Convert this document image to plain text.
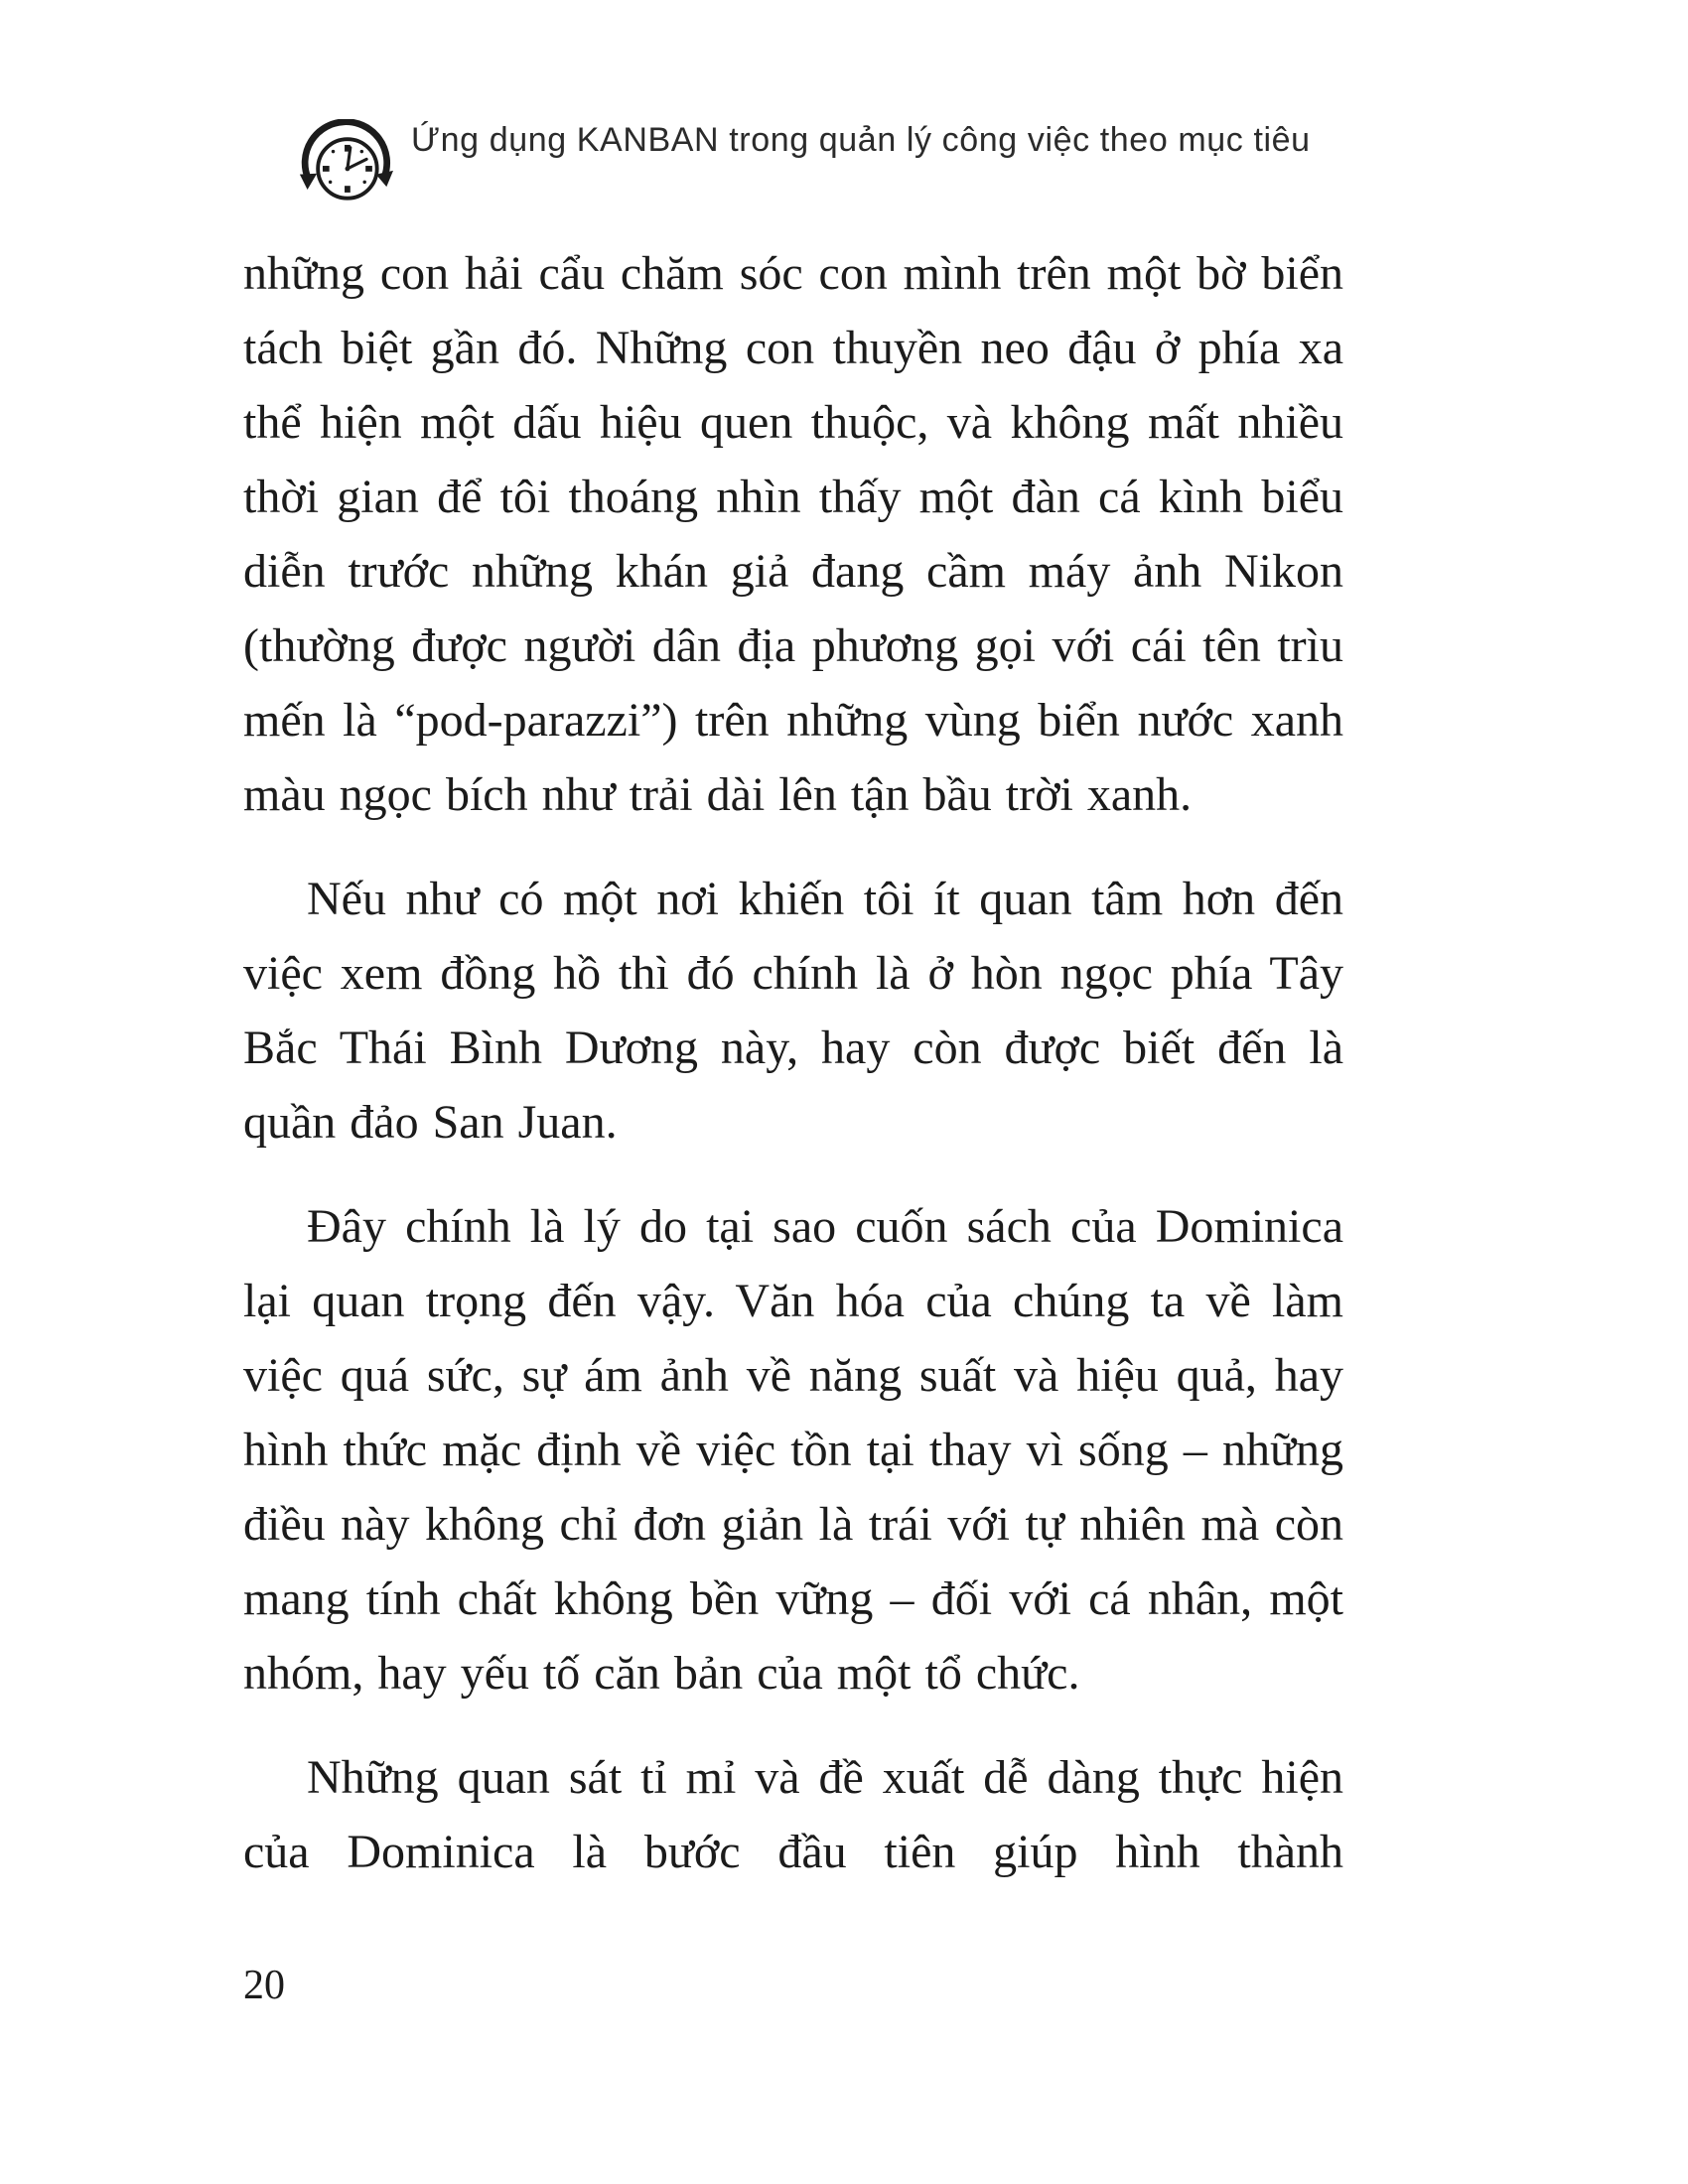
Ứng dụng KANBAN trong quản lý công việc theo mục tiêu

những con hải cẩu chăm sóc con mình trên một bờ biển tách biệt gần đó. Những con thuyền neo đậu ở phía xa thể hiện một dấu hiệu quen thuộc, và không mất nhiều thời gian để tôi thoáng nhìn thấy một đàn cá kình biểu diễn trước những khán giả đang cầm máy ảnh Nikon (thường được người dân địa phương gọi với cái tên trìu mến là “pod-parazzi”) trên những vùng biển nước xanh màu ngọc bích như trải dài lên tận bầu trời xanh.

Nếu như có một nơi khiến tôi ít quan tâm hơn đến việc xem đồng hồ thì đó chính là ở hòn ngọc phía Tây Bắc Thái Bình Dương này, hay còn được biết đến là quần đảo San Juan.

Đây chính là lý do tại sao cuốn sách của Dominica lại quan trọng đến vậy. Văn hóa của chúng ta về làm việc quá sức, sự ám ảnh về năng suất và hiệu quả, hay hình thức mặc định về việc tồn tại thay vì sống – những điều này không chỉ đơn giản là trái với tự nhiên mà còn mang tính chất không bền vững – đối với cá nhân, một nhóm, hay yếu tố căn bản của một tổ chức.

Những quan sát tỉ mỉ và đề xuất dễ dàng thực hiện của Dominica là bước đầu tiên giúp hình thành

20
